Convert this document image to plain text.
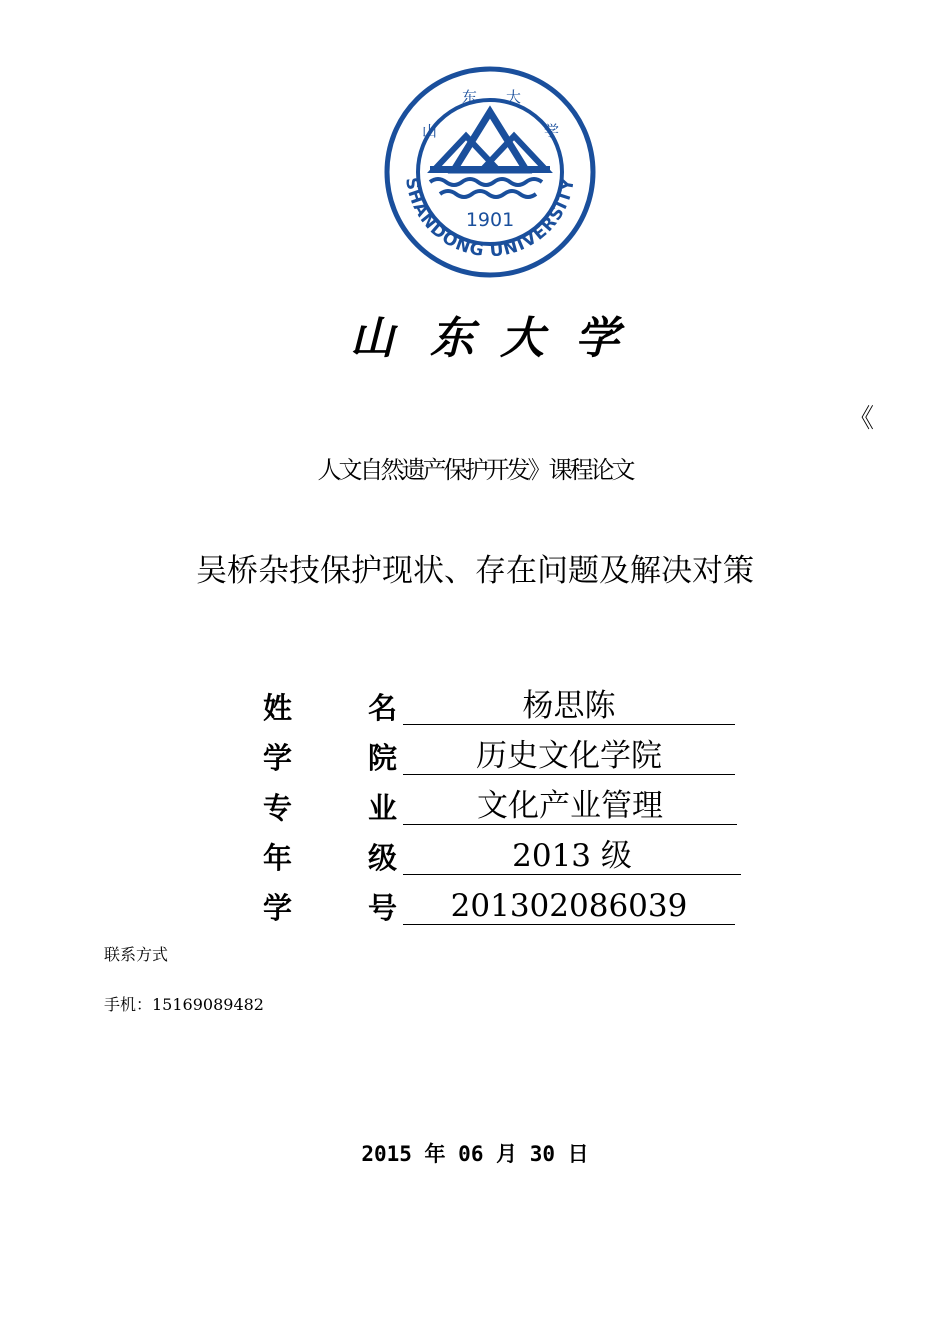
SHANDONG UNIVERSITY
山
东 大
学
1901
山 东 大 学
《
人文自然遗产保护开发》课程论文
吴桥杂技保护现状、存在问题及解决对策
姓	名	杨思陈
学	院	历史文化学院
专	业	文化产业管理
年	级	2013 级
学	号	201302086039
联系方式
手机：15169089482
2015 年 06 月 30 日
